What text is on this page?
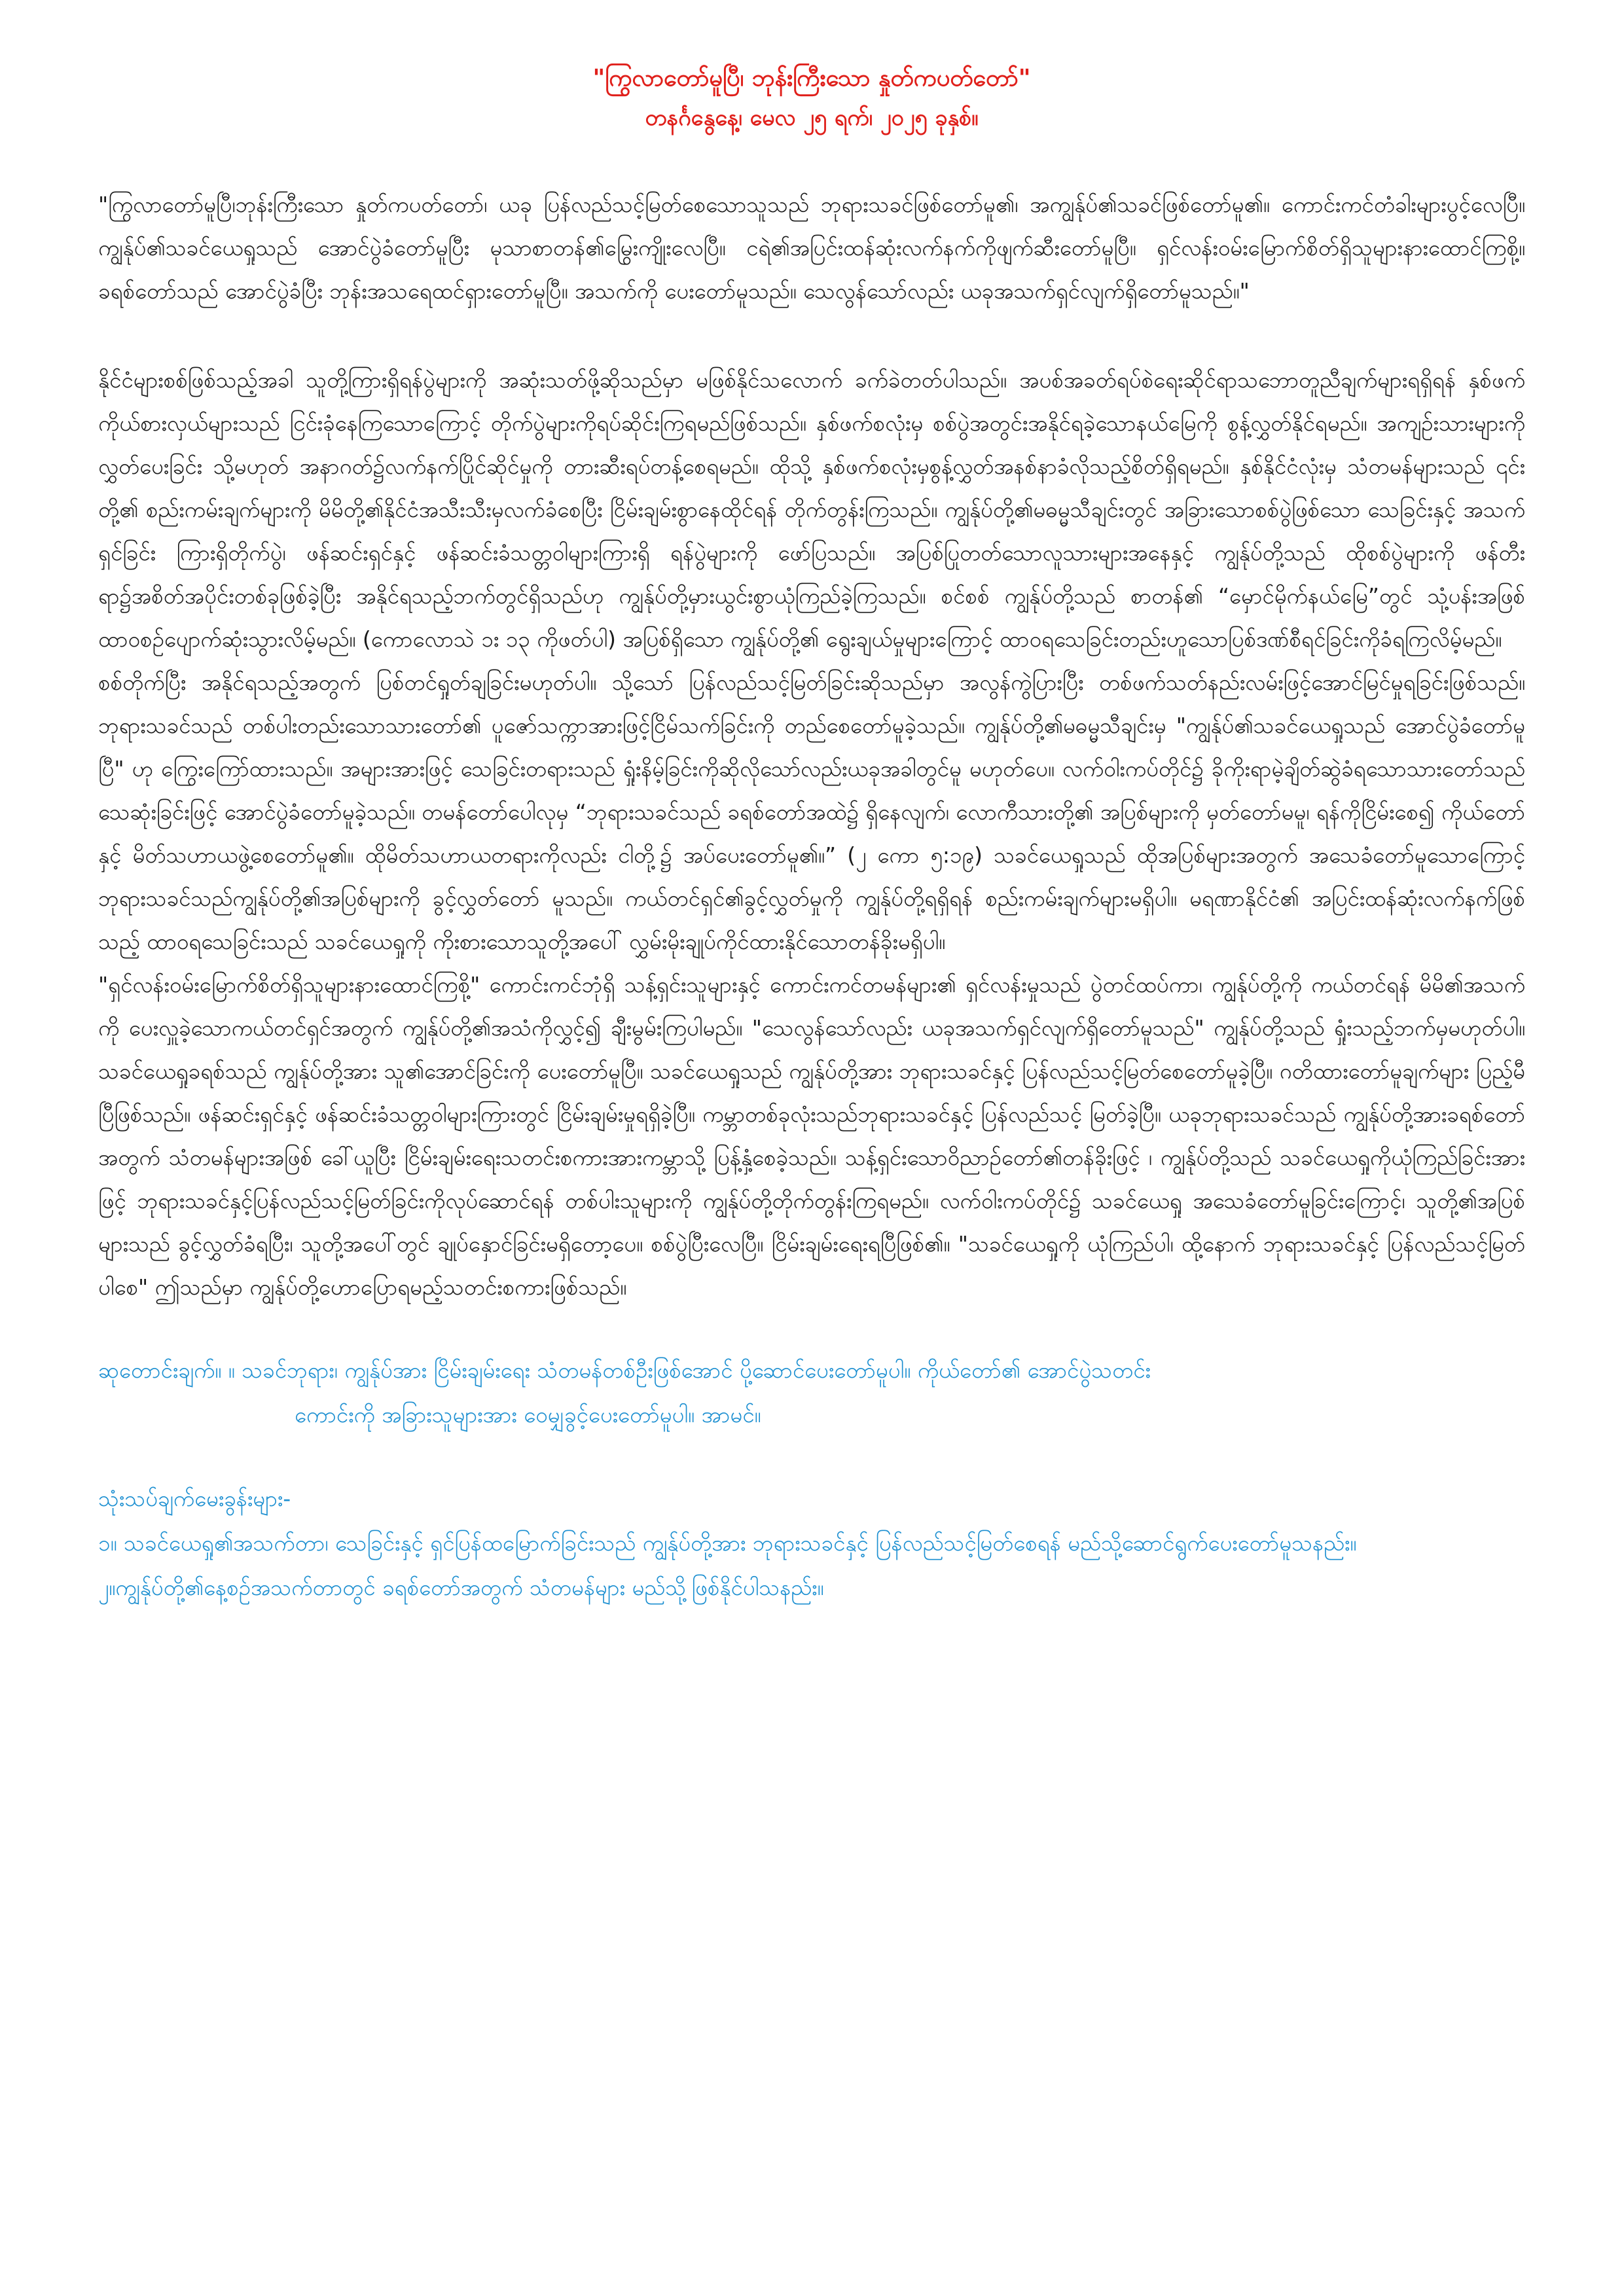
"ကြွလာတော်မူပြီ၊ ဘုန်းကြီးသော နှုတ်ကပတ်တော်"
တနင်္ဂနွေနေ့၊ မေလ ၂၅ ရက်၊ ၂၀၂၅ ခုနှစ်။

"ကြွလာတော်မူပြီ၊ဘုန်းကြီးသော နှုတ်ကပတ်တော်၊ ယခု ပြန်လည်သင့်မြတ်စေသောသူသည် ဘုရားသခင်ဖြစ်တော်မူ၏၊ အကျွန်ုပ်၏သခင်ဖြစ်တော်မူ၏။ ကောင်းကင်တံခါးများပွင့်လေပြီ။ ကျွန်ုပ်၏သခင်ယေရှုသည် အောင်ပွဲခံတော်မူပြီး မုသာစာတန်၏မြွေးကျိုးလေပြီ။ ငရဲ၏အပြင်းထန်ဆုံးလက်နက်ကိုဖျက်ဆီးတော်မူပြီ။ ရှင်လန်းဝမ်းမြောက်စိတ်ရှိသူများနားထောင်ကြစို့။ ခရစ်တော်သည် အောင်ပွဲခံပြီး ဘုန်းအသရေထင်ရှားတော်မူပြီ။ အသက်ကို ပေးတော်မူသည်။ သေလွန်သော်လည်း ယခုအသက်ရှင်လျက်ရှိတော်မူသည်။"

နိုင်ငံများစစ်ဖြစ်သည့်အခါ သူတို့ကြားရှိရန်ပွဲများကို အဆုံးသတ်ဖို့ဆိုသည်မှာ မဖြစ်နိုင်သလောက် ခက်ခဲတတ်ပါသည်။ အပစ်အခတ်ရပ်စဲရေးဆိုင်ရာသဘောတူညီချက်များရရှိရန် နှစ်ဖက်ကိုယ်စားလှယ်များသည် ငြင်းခုံနေကြသောကြောင့် တိုက်ပွဲများကိုရပ်ဆိုင်းကြရမည်ဖြစ်သည်။ နှစ်ဖက်စလုံးမှ စစ်ပွဲအတွင်းအနိုင်ရခဲ့သောနယ်မြေကို စွန့်လွှတ်နိုင်ရမည်။ အကျဉ်းသားများကိုလွှတ်ပေးခြင်း သို့မဟုတ် အနာဂတ်၌လက်နက်ပြိုင်ဆိုင်မှုကို တားဆီးရပ်တန့်စေရမည်။ ထိုသို့ နှစ်ဖက်စလုံးမှစွန့်လွှတ်အနစ်နာခံလိုသည့်စိတ်ရှိရမည်။ နှစ်နိုင်ငံလုံးမှ သံတမန်များသည် ၎င်းတို့၏ စည်းကမ်းချက်များကို မိမိတို့၏နိုင်ငံအသီးသီးမှလက်ခံစေပြီး ငြိမ်းချမ်းစွာနေထိုင်ရန် တိုက်တွန်းကြသည်။ ကျွန်ုပ်တို့၏မဓမ္မသီချင်းတွင် အခြားသောစစ်ပွဲဖြစ်သော သေခြင်းနှင့် အသက်ရှင်ခြင်း ကြားရှိတိုက်ပွဲ၊ ဖန်ဆင်းရှင်နှင့် ဖန်ဆင်းခံသတ္တဝါများကြားရှိ ရန်ပွဲများကို ဖော်ပြသည်။ အပြစ်ပြုတတ်သောလူသားများအနေနှင့် ကျွန်ုပ်တို့သည် ထိုစစ်ပွဲများကို ဖန်တီးရာ၌အစိတ်အပိုင်းတစ်ခုဖြစ်ခဲ့ပြီး အနိုင်ရသည့်ဘက်တွင်ရှိသည်ဟု ကျွန်ုပ်တို့မှားယွင်းစွာယုံကြည်ခဲ့ကြသည်။ စင်စစ် ကျွန်ုပ်တို့သည် စာတန်၏ “မှောင်မိုက်နယ်မြေ”တွင် သုံ့ပန်းအဖြစ် ထာဝစဉ်ပျောက်ဆုံးသွားလိမ့်မည်။ (ကောလောသဲ ၁း ၁၃ ကိုဖတ်ပါ) အပြစ်ရှိသော ကျွန်ုပ်တို့၏ ရွေးချယ်မှုများကြောင့် ထာဝရသေခြင်းတည်းဟူသောပြစ်ဒဏ်စီရင်ခြင်းကိုခံရကြလိမ့်မည်။

စစ်တိုက်ပြီး အနိုင်ရသည့်အတွက် ပြစ်တင်ရှုတ်ချခြင်းမဟုတ်ပါ။ သို့သော် ပြန်လည်သင့်မြတ်ခြင်းဆိုသည်မှာ အလွန်ကွဲပြားပြီး တစ်ဖက်သတ်နည်းလမ်းဖြင့်အောင်မြင်မှုရခြင်းဖြစ်သည်။ ဘုရားသခင်သည် တစ်ပါးတည်းသောသားတော်၏ ပူဇော်သက္ကာအားဖြင့်ငြိမ်သက်ခြင်းကို တည်စေတော်မူခဲ့သည်။ ကျွန်ုပ်တို့၏မဓမ္မသီချင်းမှ "ကျွန်ုပ်၏သခင်ယေရှုသည် အောင်ပွဲခံတော်မူပြီ" ဟု ကြွေးကြော်ထားသည်။ အများအားဖြင့် သေခြင်းတရားသည် ရှုံးနိမ့်ခြင်းကိုဆိုလိုသော်လည်းယခုအခါတွင်မူ မဟုတ်ပေ။ လက်ဝါးကပ်တိုင်၌ ခိုကိုးရာမဲ့ချိတ်ဆွဲခံရသောသားတော်သည် သေဆုံးခြင်းဖြင့် အောင်ပွဲခံတော်မူခဲ့သည်။ တမန်တော်ပေါလုမှ “ဘုရားသခင်သည် ခရစ်တော်အထဲ၌ ရှိနေလျက်၊ လောကီသားတို့၏ အပြစ်များကို မှတ်တော်မမူ၊ ရန်ကိုငြိမ်းစေ၍ ကိုယ်တော်နှင့် မိတ်သဟာယဖွဲ့စေတော်မူ၏။ ထိုမိတ်သဟာယတရားကိုလည်း ငါတို့၌ အပ်ပေးတော်မူ၏။” (၂ ကော ၅:၁၉) သခင်ယေရှုသည် ထိုအပြစ်များအတွက် အသေခံတော်မူသောကြောင့် ဘုရားသခင်သည်ကျွန်ုပ်တို့၏အပြစ်များကို ခွင့်လွှတ်တော် မူသည်။ ကယ်တင်ရှင်၏ခွင့်လွှတ်မှုကို ကျွန်ုပ်တို့ရရှိရန် စည်းကမ်းချက်များမရှိပါ။ မရဏာနိုင်ငံ၏ အပြင်းထန်ဆုံးလက်နက်ဖြစ်သည့် ထာဝရသေခြင်းသည် သခင်ယေရှုကို ကိုးစားသောသူတို့အပေါ် လွှမ်းမိုးချုပ်ကိုင်ထားနိုင်သောတန်ခိုးမရှိပါ။

"ရှင်လန်းဝမ်းမြောက်စိတ်ရှိသူများနားထောင်ကြစို့" ကောင်းကင်ဘုံရှိ သန့်ရှင်းသူများနှင့် ကောင်းကင်တမန်များ၏ ရှင်လန်းမှုသည် ပွဲတင်ထပ်ကာ၊ ကျွန်ုပ်တို့ကို ကယ်တင်ရန် မိမိ၏အသက်ကို ပေးလှူခဲ့သောကယ်တင်ရှင်အတွက် ကျွန်ုပ်တို့၏အသံကိုလွှင့်၍ ချီးမွမ်းကြပါမည်။ "သေလွန်သော်လည်း ယခုအသက်ရှင်လျက်ရှိတော်မူသည်" ကျွန်ုပ်တို့သည် ရှုံးသည့်ဘက်မှမဟုတ်ပါ။ သခင်ယေရှုခရစ်သည် ကျွန်ုပ်တို့အား သူ၏အောင်ခြင်းကို ပေးတော်မူပြီ။ သခင်ယေရှုသည် ကျွန်ုပ်တို့အား ဘုရားသခင်နှင့် ပြန်လည်သင့်မြတ်စေတော်မူခဲ့ပြီ။ ဂတိထားတော်မူချက်များ ပြည့်မီပြီဖြစ်သည်။ ဖန်ဆင်းရှင်နှင့် ဖန်ဆင်းခံသတ္တဝါများကြားတွင် ငြိမ်းချမ်းမှုရရှိခဲ့ပြီ။ ကမ္ဘာတစ်ခုလုံးသည်ဘုရားသခင်နှင့် ပြန်လည်သင့် မြတ်ခဲ့ပြီ။ ယခုဘုရားသခင်သည် ကျွန်ုပ်တို့အားခရစ်တော်အတွက် သံတမန်များအဖြစ် ခေါ်ယူပြီး ငြိမ်းချမ်းရေးသတင်းစကားအားကမ္ဘာသို့ ပြန့်နှံ့စေခဲ့သည်။ သန့်ရှင်းသောဝိညာဉ်တော်၏တန်ခိုးဖြင့် ၊ ကျွန်ုပ်တို့သည် သခင်ယေရှုကိုယုံကြည်ခြင်းအား ဖြင့် ဘုရားသခင်နှင့်ပြန်လည်သင့်မြတ်ခြင်းကိုလုပ်ဆောင်ရန် တစ်ပါးသူများကို ကျွန်ုပ်တို့တိုက်တွန်းကြရမည်။ လက်ဝါးကပ်တိုင်၌ သခင်ယေရှု အသေခံတော်မူခြင်းကြောင့်၊ သူတို့၏အပြစ်များသည် ခွင့်လွှတ်ခံရပြီး၊ သူတို့အပေါ်တွင် ချုပ်နှောင်ခြင်းမရှိတော့ပေ။ စစ်ပွဲပြီးလေပြီ။ ငြိမ်းချမ်းရေးရပြီဖြစ်၏။ "သခင်ယေရှုကို ယုံကြည်ပါ၊ ထို့နောက် ဘုရားသခင်နှင့် ပြန်လည်သင့်မြတ်ပါစေ" ဤသည်မှာ ကျွန်ုပ်တို့ဟောပြောရမည့်သတင်းစကားဖြစ်သည်။

ဆုတောင်းချက်။ ။ သခင်ဘုရား၊ ကျွန်ုပ်အား ငြိမ်းချမ်းရေး သံတမန်တစ်ဦးဖြစ်အောင် ပို့ဆောင်ပေးတော်မူပါ။ ကိုယ်တော်၏ အောင်ပွဲသတင်း
ကောင်းကို အခြားသူများအား ဝေမျှခွင့်ပေးတော်မူပါ။ အာမင်။
သုံးသပ်ချက်မေးခွန်းများ-
၁။ သခင်ယေရှု၏အသက်တာ၊ သေခြင်းနှင့် ရှင်ပြန်ထမြောက်ခြင်းသည် ကျွန်ုပ်တို့အား ဘုရားသခင်နှင့် ပြန်လည်သင့်မြတ်စေရန် မည်သို့ဆောင်ရွက်ပေးတော်မူသနည်း။
၂။ကျွန်ုပ်တို့၏နေ့စဉ်အသက်တာတွင် ခရစ်တော်အတွက် သံတမန်များ မည်သို့ဖြစ်နိုင်ပါသနည်း။
